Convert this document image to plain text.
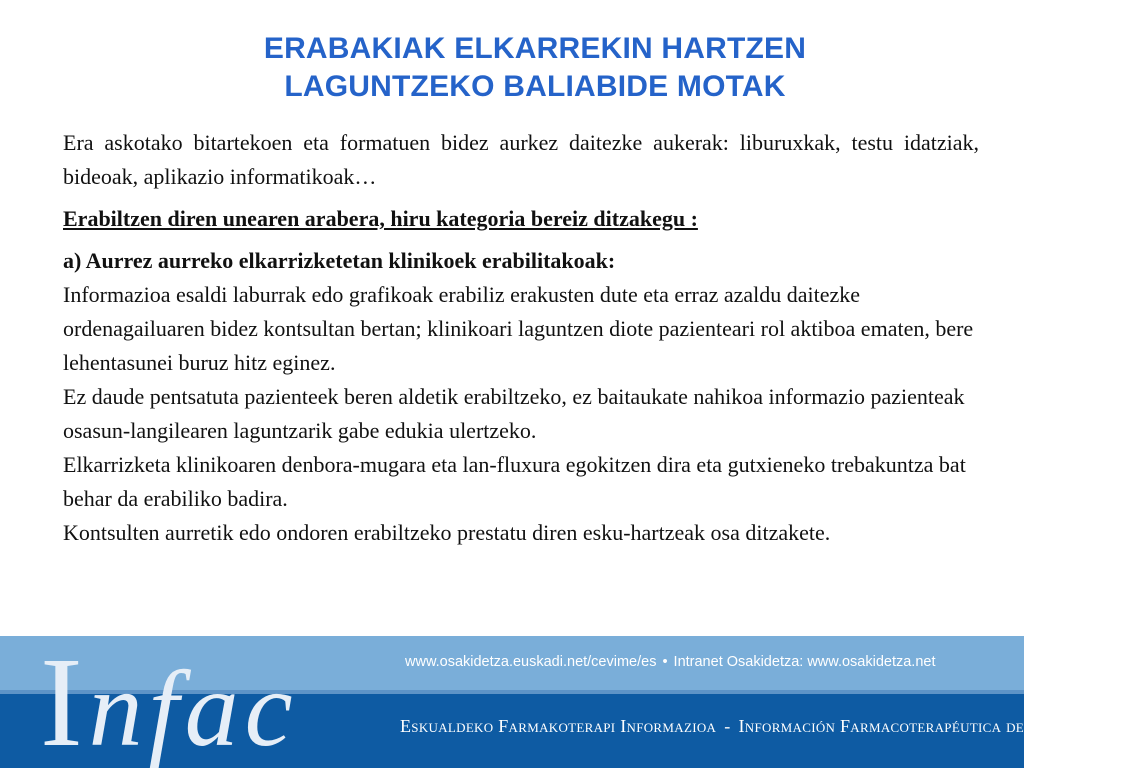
ERABAKIAK ELKARREKIN HARTZEN
LAGUNTZEKO BALIABIDE MOTAK

Era askotako bitartekoen eta formatuen bidez aurkez daitezke aukerak: liburuxkak, testu idatziak, bideoak, aplikazio informatikoak…

Erabiltzen diren unearen arabera, hiru kategoria bereiz ditzakegu :

a) Aurrez aurreko elkarrizketetan klinikoek erabilitakoak:

Informazioa esaldi laburrak edo grafikoak erabiliz erakusten dute eta erraz azaldu daitezke ordenagailuaren bidez kontsultan bertan; klinikoari laguntzen diote pazienteari rol aktiboa ematen, bere lehentasunei buruz hitz eginez.

Ez daude pentsatuta pazienteek beren aldetik erabiltzeko, ez baitaukate nahikoa informazio pazienteak osasun-langilearen laguntzarik gabe edukia ulertzeko.

Elkarrizketa klinikoaren denbora-mugara eta lan-fluxura egokitzen dira eta gutxieneko trebakuntza bat behar da erabiliko badira.

Kontsulten aurretik edo ondoren erabiltzeko prestatu diren esku-hartzeak osa ditzakete.

Infac	www.osakidetza.euskadi.net/cevime/es • Intranet Osakidetza: www.osakidetza.net
Eskualdeko Farmakoterapi Informazioa - Información Farmacoterapéutica de la Comarca
